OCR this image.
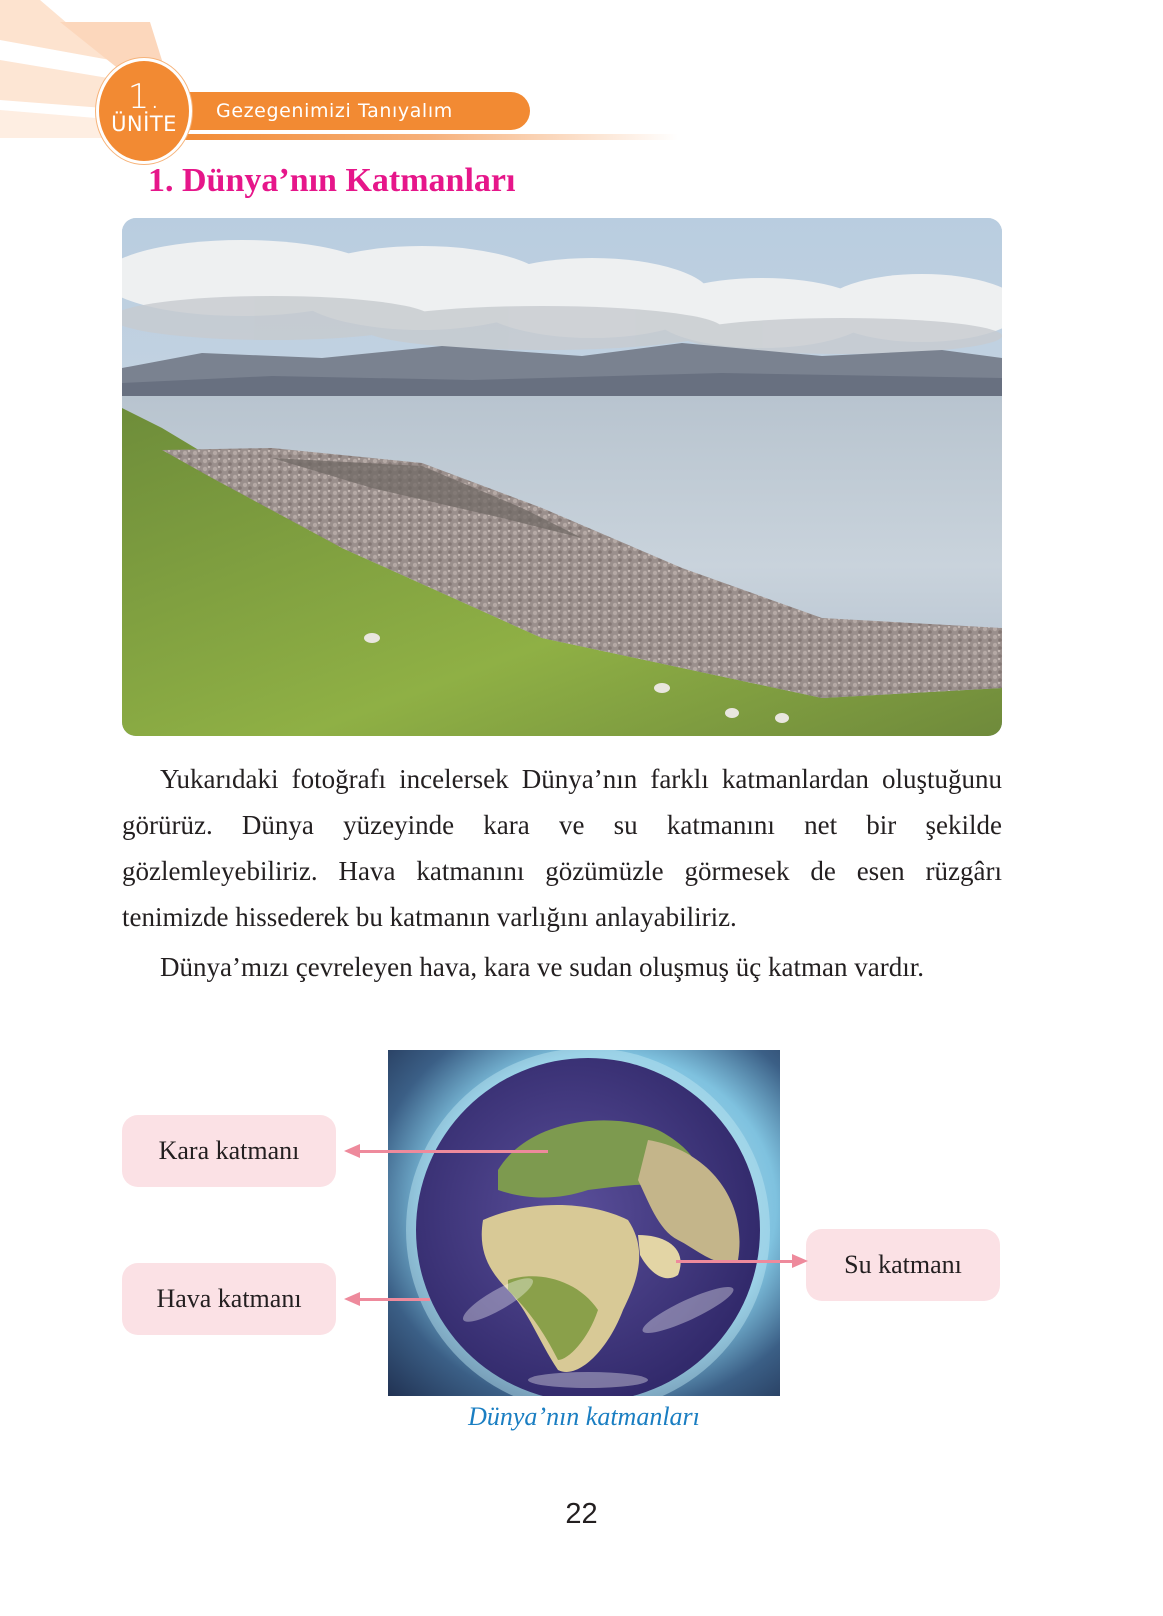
Gezegenimizi Tanıyalım
1.
ÜNİTE
1. Dünya’nın Katmanları

Yukarıdaki fotoğrafı incelersek Dünya’nın farklı katmanlardan oluştuğunu görürüz. Dünya yüzeyinde kara ve su katmanını net bir şekilde gözlemleyebiliriz. Hava katmanını gözümüzle görmesek de esen rüzgârı tenimizde hissederek bu katmanın varlığını anlayabiliriz.

Dünya’mızı çevreleyen hava, kara ve sudan oluşmuş üç katman vardır.

Kara katmanı
Hava katmanı
Su katmanı
Dünya’nın katmanları
22
